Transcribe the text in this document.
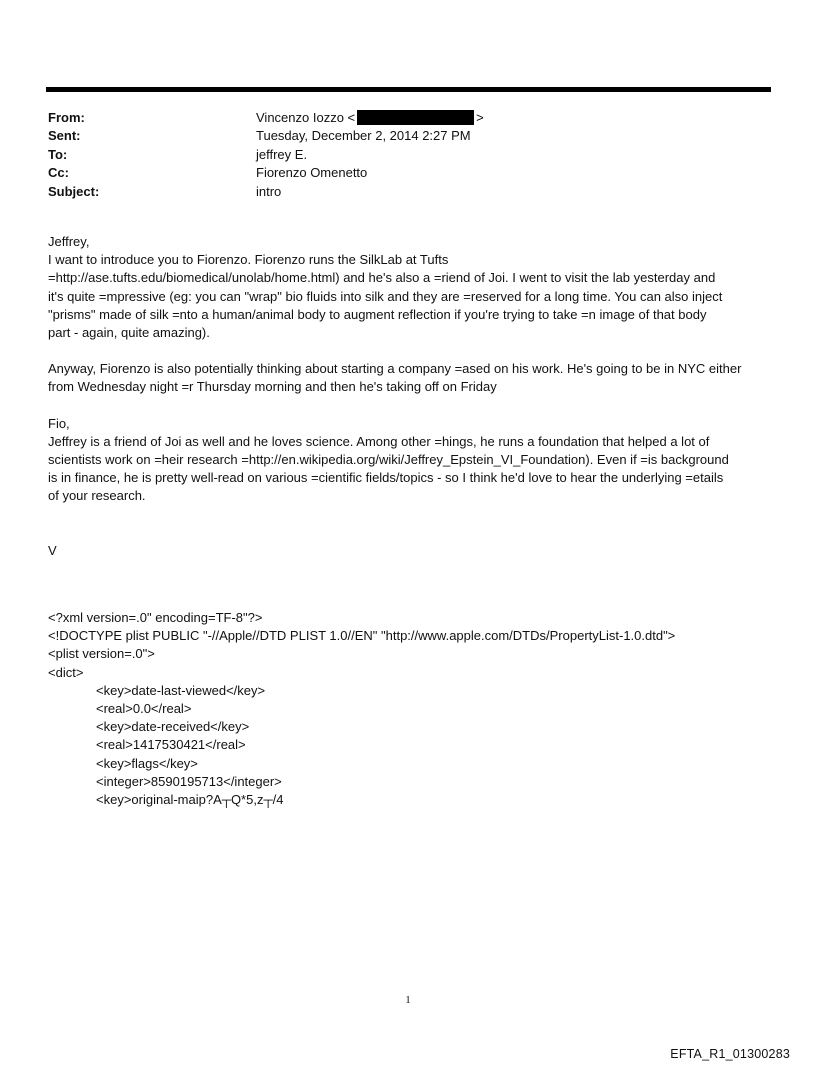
From:	Vincenzo Iozzo <	>
Sent:	Tuesday, December 2, 2014 2:27 PM
To:	jeffrey E.
Cc:	Fiorenzo Omenetto
Subject:	intro

Jeffrey,

I want to introduce you to Fiorenzo. Fiorenzo runs the SilkLab at Tufts

=http://ase.tufts.edu/biomedical/unolab/home.html) and he's also a =riend of Joi. I went to visit the lab yesterday and

it's quite =mpressive (eg: you can "wrap" bio fluids into silk and they are =reserved for a long time. You can also inject

"prisms" made of silk =nto a human/animal body to augment reflection if you're trying to take =n image of that body

part - again, quite amazing).

Anyway, Fiorenzo is also potentially thinking about starting a company =ased on his work. He's going to be in NYC either

from Wednesday night =r Thursday morning and then he's taking off on Friday

Fio,

Jeffrey is a friend of Joi as well and he loves science. Among other =hings, he runs a foundation that helped a lot of

scientists work on =heir research =http://en.wikipedia.org/wiki/Jeffrey_Epstein_VI_Foundation). Even if =is background

is in finance, he is pretty well-read on various =cientific fields/topics - so I think he'd love to hear the underlying =etails

of your research.

V

<?xml version=.0" encoding=TF-8"?>
<!DOCTYPE plist PUBLIC "-//Apple//DTD PLIST 1.0//EN" "http://www.apple.com/DTDs/PropertyList-1.0.dtd">
<plist version=.0">
<dict>
<key>date-last-viewed</key>
<real>0.0</real>
<key>date-received</key>
<real>1417530421</real>
<key>flags</key>
<integer>8590195713</integer>
<key>original-maip?A┬Q*5,z┬/4
1
EFTA_R1_01300283
